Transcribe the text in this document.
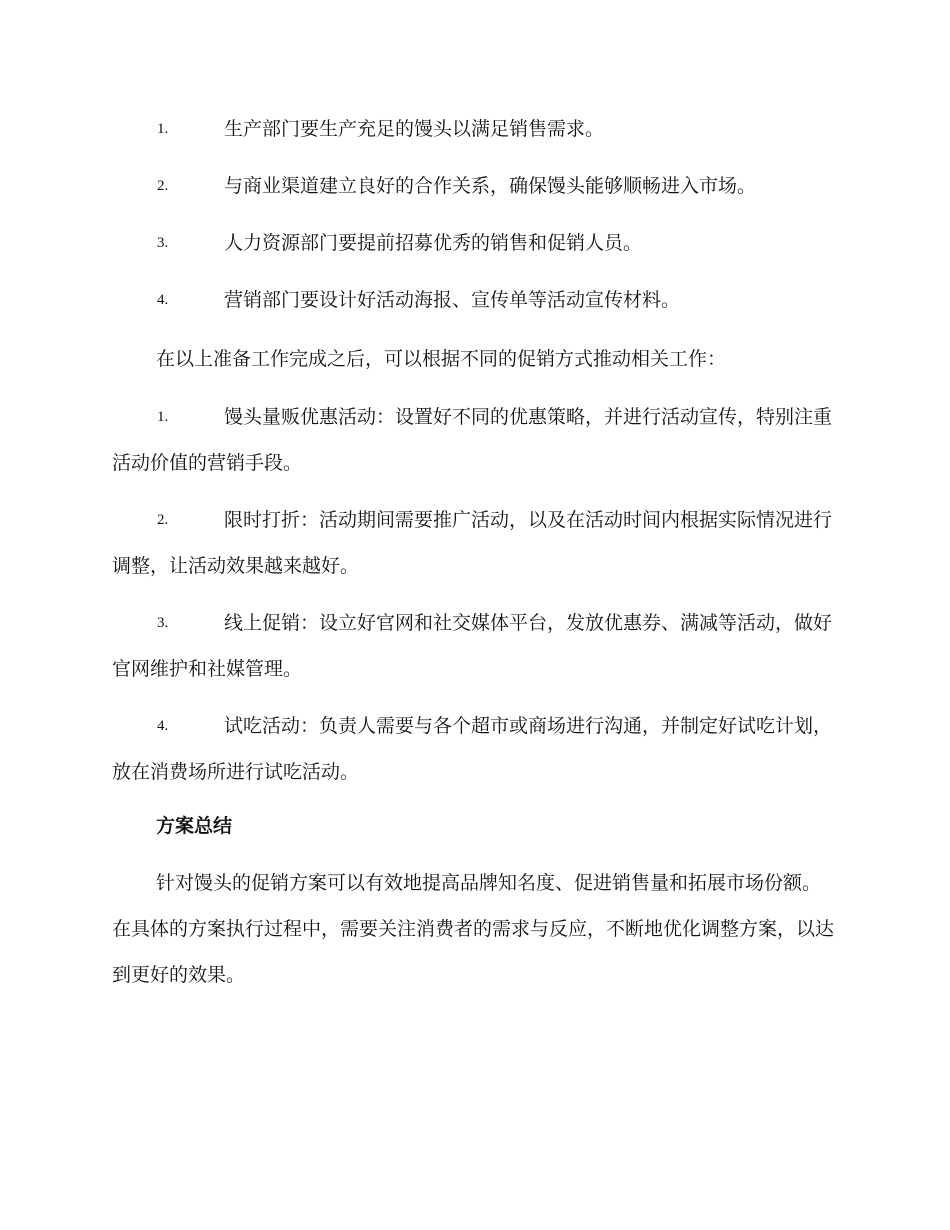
1.	生产部门要生产充足的馒头以满足销售需求。

2.	与商业渠道建立良好的合作关系，确保馒头能够顺畅进入市场。

3.	人力资源部门要提前招募优秀的销售和促销人员。

4.	营销部门要设计好活动海报、宣传单等活动宣传材料。

在以上准备工作完成之后，可以根据不同的促销方式推动相关工作：

1.	馒头量贩优惠活动：设置好不同的优惠策略，并进行活动宣传，特别注重活动价值的营销手段。

2.	限时打折：活动期间需要推广活动，以及在活动时间内根据实际情况进行调整，让活动效果越来越好。

3.	线上促销：设立好官网和社交媒体平台，发放优惠券、满减等活动，做好官网维护和社媒管理。

4.	试吃活动：负责人需要与各个超市或商场进行沟通，并制定好试吃计划，放在消费场所进行试吃活动。

方案总结

针对馒头的促销方案可以有效地提高品牌知名度、促进销售量和拓展市场份额。在具体的方案执行过程中，需要关注消费者的需求与反应，不断地优化调整方案，以达到更好的效果。
